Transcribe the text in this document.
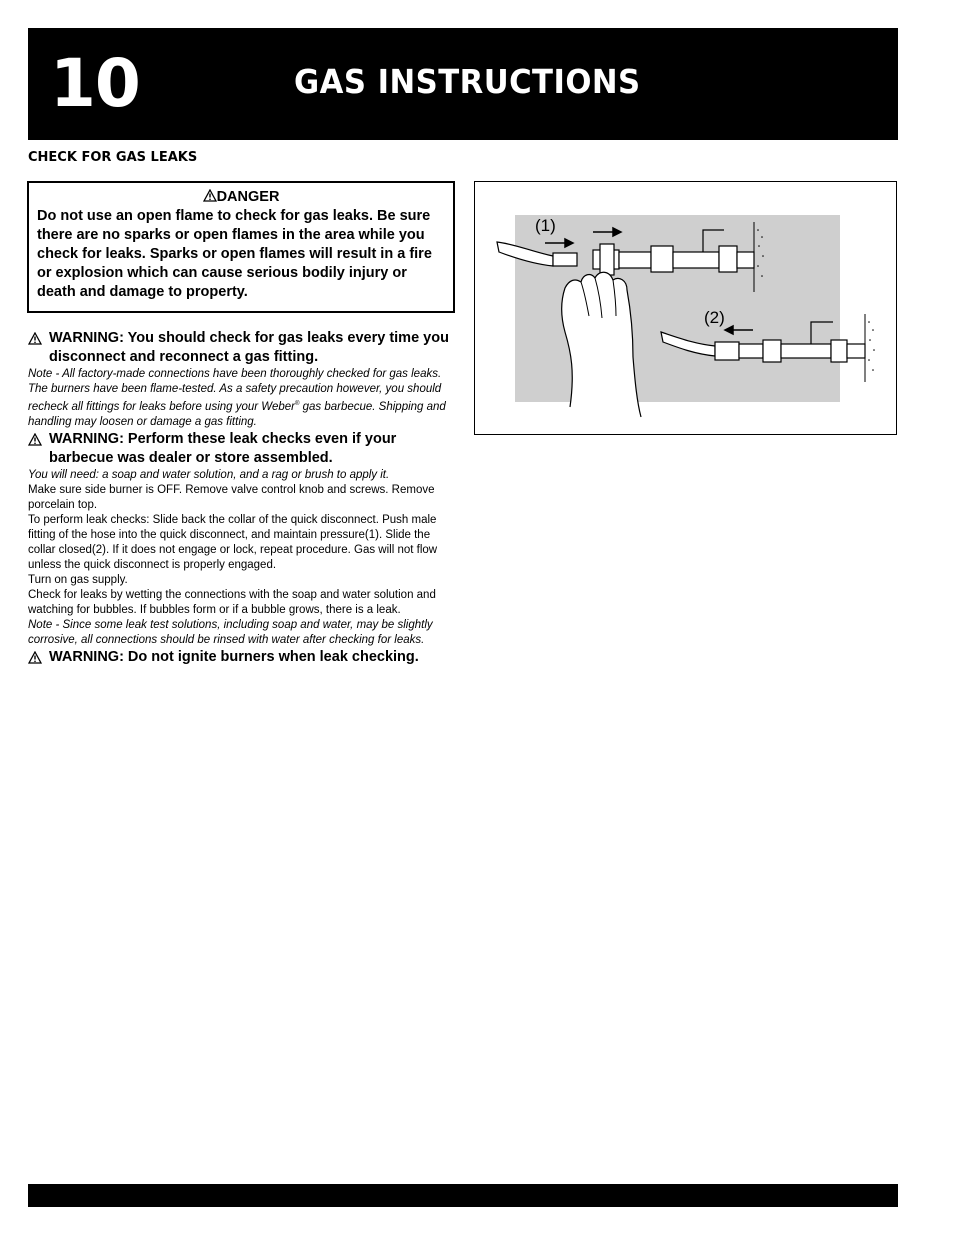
10	GAS INSTRUCTIONS
CHECK FOR GAS LEAKS
DANGER
Do not use an open flame to check for gas leaks. Be sure there are no sparks or open flames in the area while you check for leaks. Sparks or open flames will result in a fire or explosion which can cause serious bodily injury or death and damage to property.
WARNING: You should check for gas leaks every time you disconnect and reconnect a gas fitting.
Note - All factory-made connections have been thoroughly checked for gas leaks. The burners have been flame-tested. As a safety precaution however, you should recheck all fittings for leaks before using your Weber® gas barbecue. Shipping and handling may loosen or damage a gas fitting.
WARNING: Perform these leak checks even if your barbecue was dealer or store assembled.
You will need: a soap and water solution, and a rag or brush to apply it.
Make sure side burner is OFF. Remove valve control knob and screws. Remove porcelain top.
To perform leak checks: Slide back the collar of the quick disconnect. Push male fitting of the hose into the quick disconnect, and maintain pressure(1). Slide the collar closed(2). If it does not engage or lock, repeat procedure. Gas will not flow unless the quick disconnect is properly engaged.
Turn on gas supply.
Check for leaks by wetting the connections with the soap and water solution and watching for bubbles. If bubbles form or if a bubble grows, there is a leak.
Note - Since some leak test solutions, including soap and water, may be slightly corrosive, all connections should be rinsed with water after checking for leaks.
WARNING: Do not ignite burners when leak checking.
(1)
(2)
